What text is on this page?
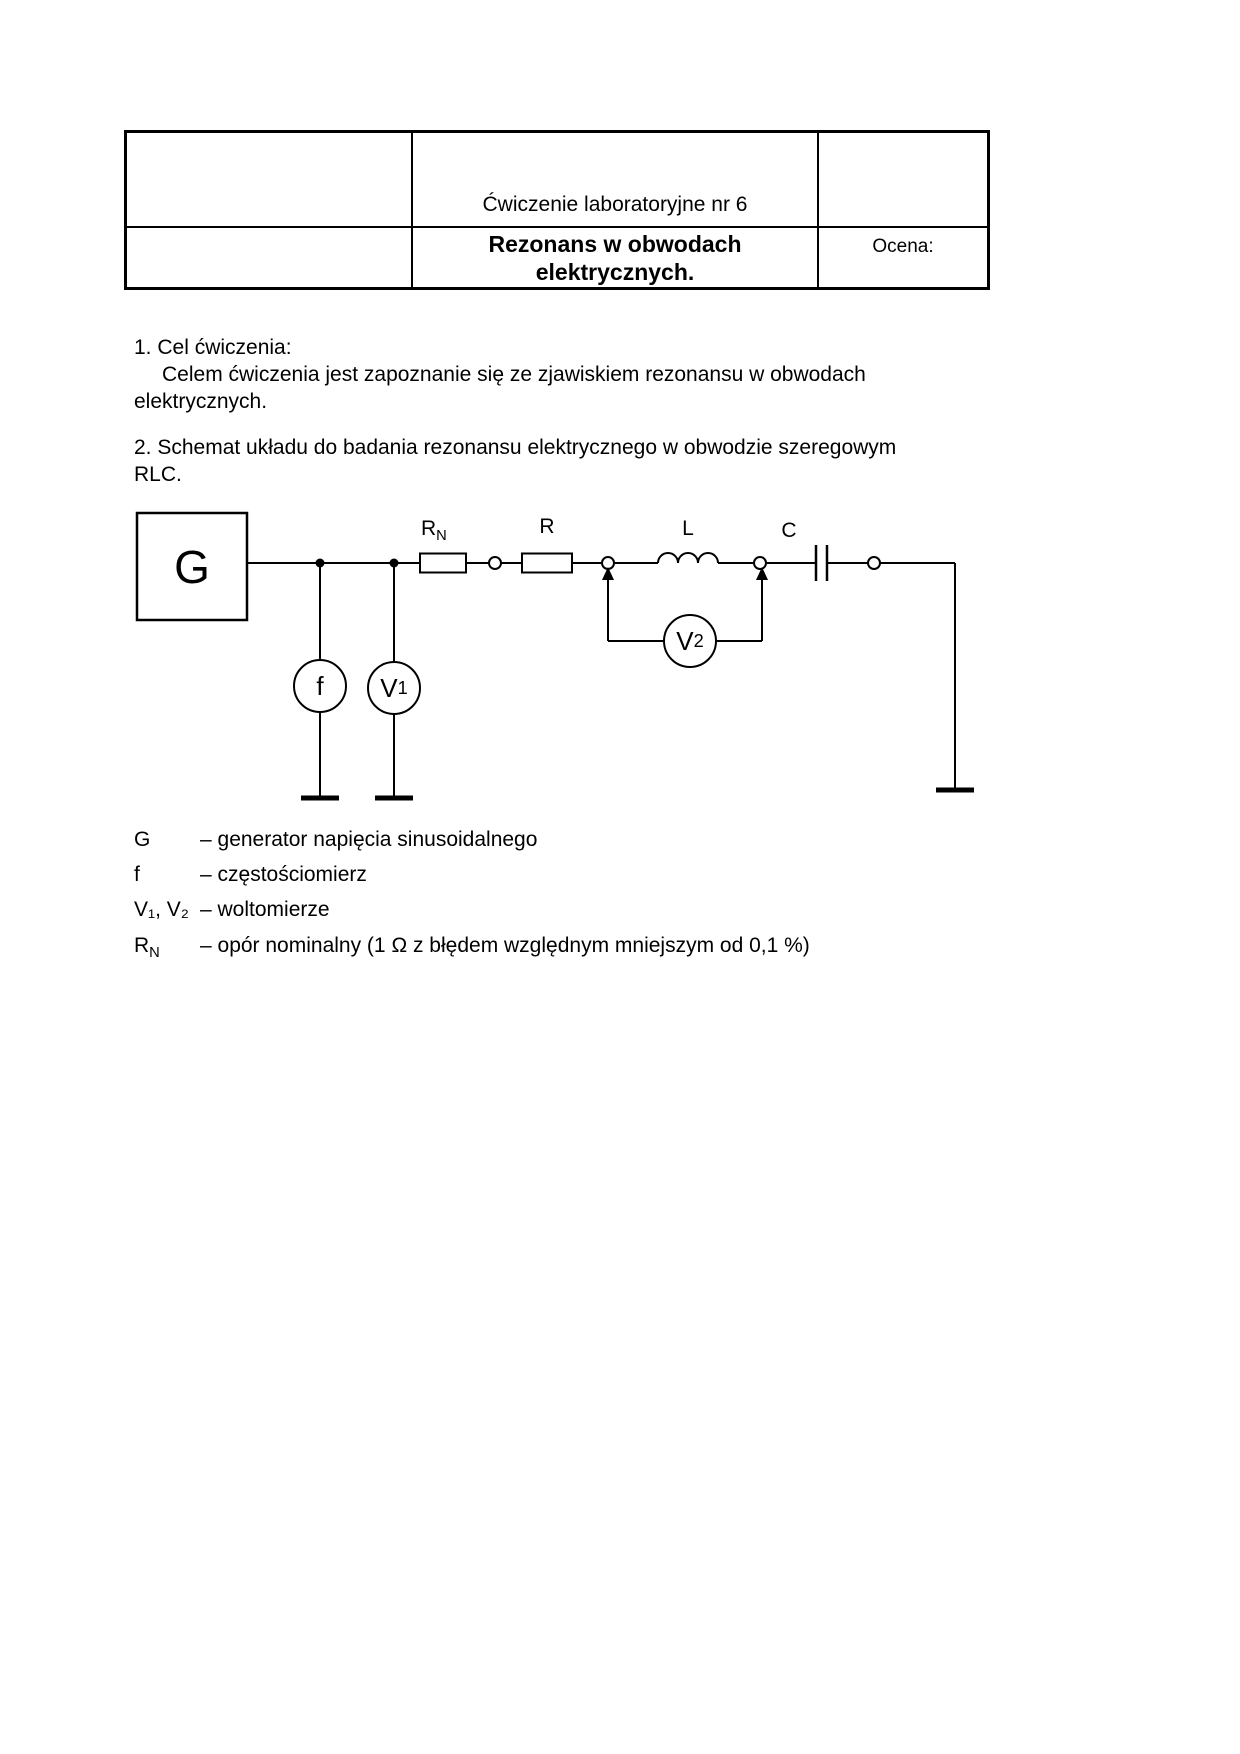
Ćwiczenie laboratoryjne nr 6
Rezonans w obwodach
elektrycznych.
Ocena:
1. Cel ćwiczenia:
Celem ćwiczenia jest zapoznanie się ze zjawiskiem rezonansu w obwodach
elektrycznych.
2. Schemat układu do badania rezonansu elektrycznego w obwodzie szeregowym
RLC.
G
$R_N$	R	L	C
f	V 1
V 2
G	– generator napięcia sinusoidalnego
f	– częstościomierz
V₁, V₂ – woltomierze
$R_N$	– opór nominalny (1 Ω z błędem względnym mniejszym od 0,1 %)
